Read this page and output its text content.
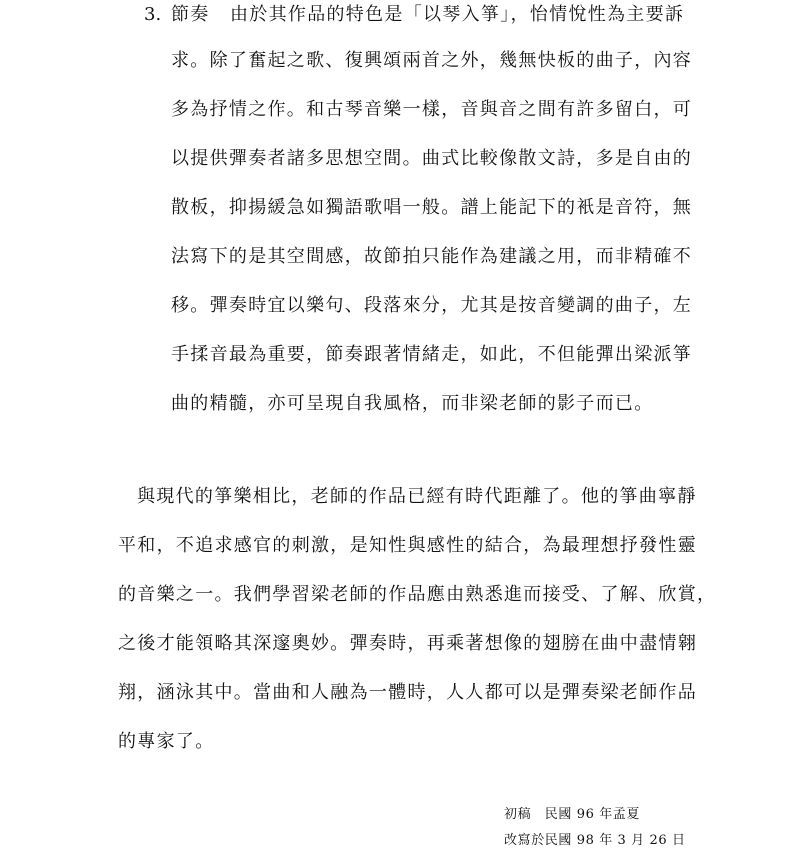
3. 節奏 由於其作品的特色是「以琴入箏」，怡情悅性為主要訴
求。除了奮起之歌、復興頌兩首之外，幾無快板的曲子，內容
多為抒情之作。和古琴音樂一樣，音與音之間有許多留白，可
以提供彈奏者諸多思想空間。曲式比較像散文詩，多是自由的
散板，抑揚緩急如獨語歌唱一般。譜上能記下的衹是音符，無
法寫下的是其空間感，故節拍只能作為建議之用，而非精確不
移。彈奏時宜以樂句、段落來分，尤其是按音變調的曲子，左
手揉音最為重要，節奏跟著情緒走，如此，不但能彈出梁派箏
曲的精髓，亦可呈現自我風格，而非梁老師的影子而已。
與現代的箏樂相比，老師的作品已經有時代距離了。他的箏曲寧靜
平和，不追求感官的刺激，是知性與感性的結合，為最理想抒發性靈
的音樂之一。我們學習梁老師的作品應由熟悉進而接受、了解、欣賞，
之後才能領略其深邃奧妙。彈奏時，再乘著想像的翅膀在曲中盡情翱
翔，涵泳其中。當曲和人融為一體時，人人都可以是彈奏梁老師作品
的專家了。
初稿　民國 96 年孟夏
改寫於民國 98 年 3 月 26 日
